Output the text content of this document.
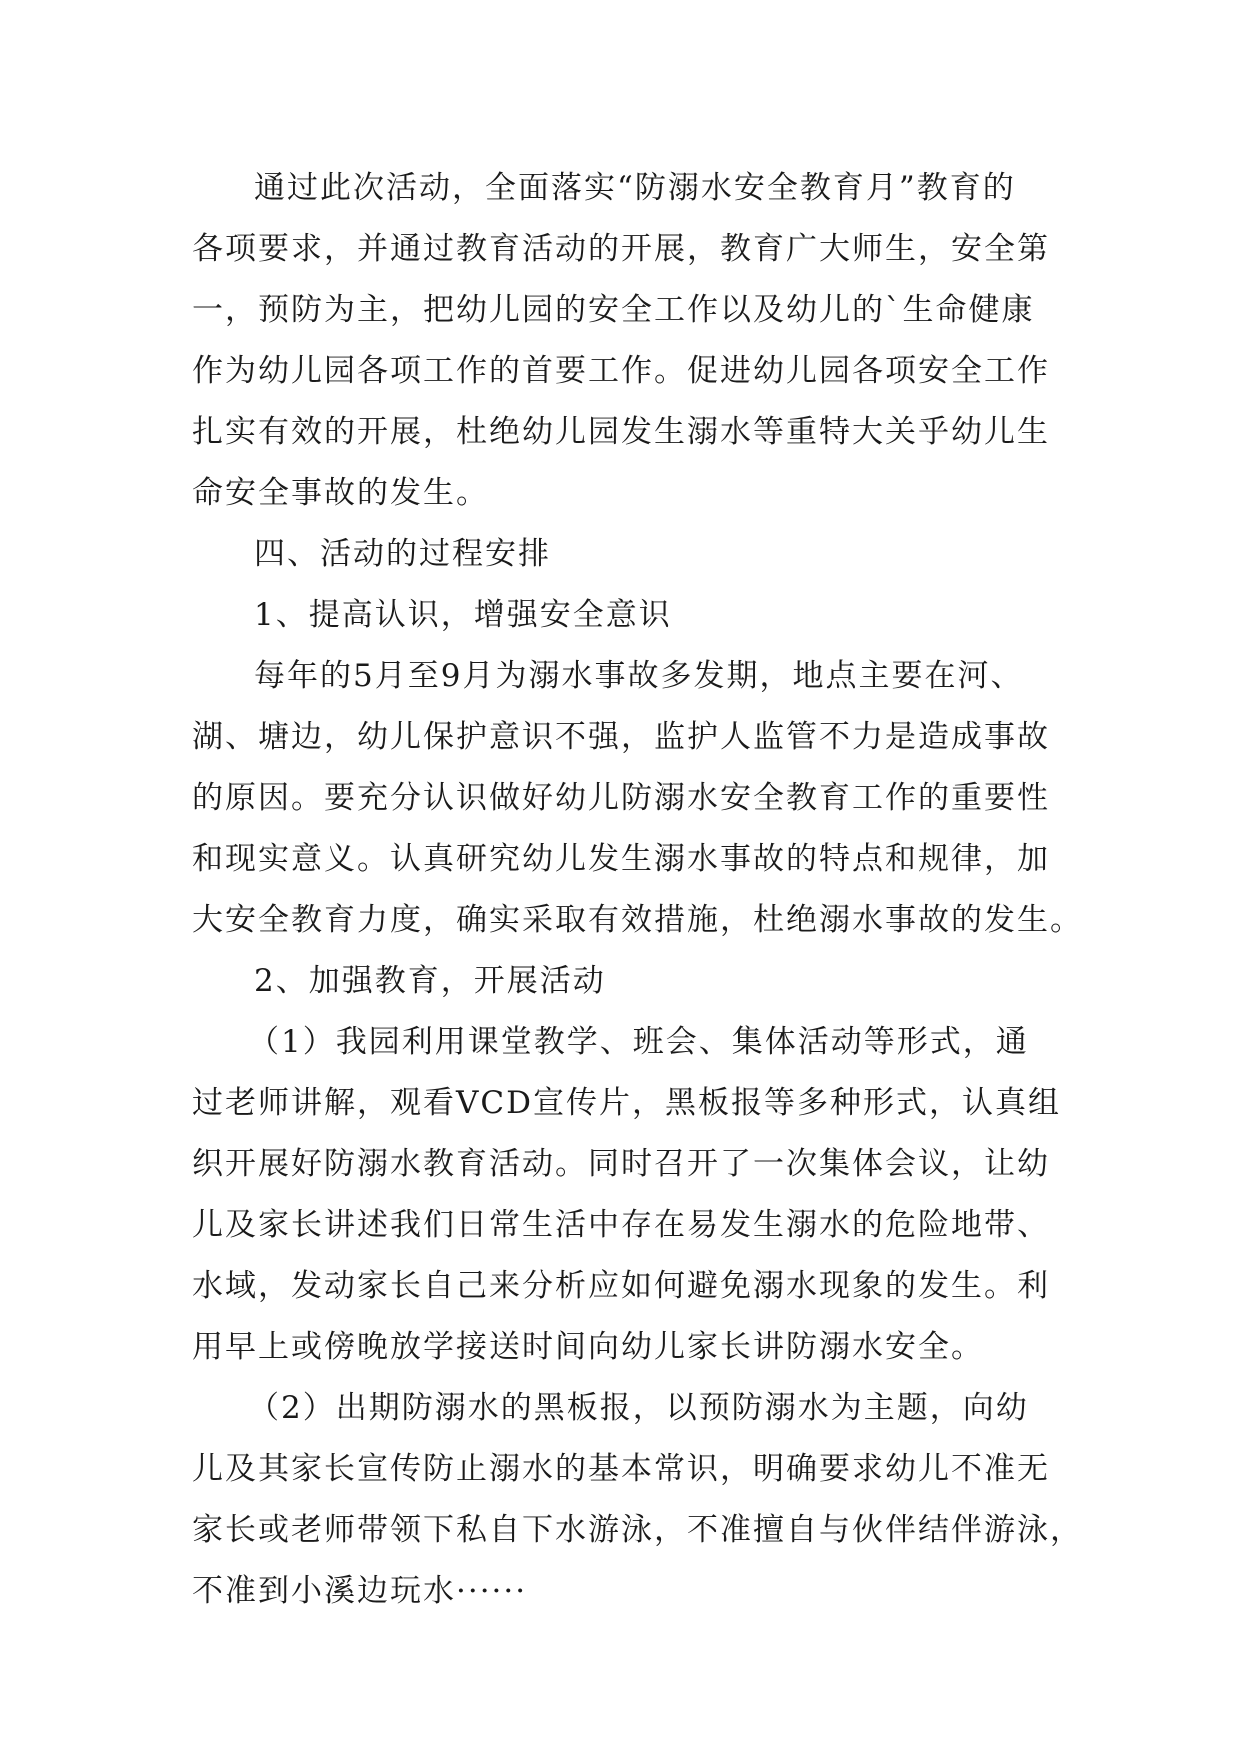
通过此次活动，全面落实“防溺水安全教育月”教育的
各项要求，并通过教育活动的开展，教育广大师生，安全第
一，预防为主，把幼儿园的安全工作以及幼儿的`生命健康
作为幼儿园各项工作的首要工作。促进幼儿园各项安全工作
扎实有效的开展，杜绝幼儿园发生溺水等重特大关乎幼儿生
命安全事故的发生。
四、活动的过程安排
1、提高认识，增强安全意识
每年的5月至9月为溺水事故多发期，地点主要在河、
湖、塘边，幼儿保护意识不强，监护人监管不力是造成事故
的原因。要充分认识做好幼儿防溺水安全教育工作的重要性
和现实意义。认真研究幼儿发生溺水事故的特点和规律，加
大安全教育力度，确实采取有效措施，杜绝溺水事故的发生。
2、加强教育，开展活动
（1）我园利用课堂教学、班会、集体活动等形式，通
过老师讲解，观看VCD宣传片，黑板报等多种形式，认真组
织开展好防溺水教育活动。同时召开了一次集体会议，让幼
儿及家长讲述我们日常生活中存在易发生溺水的危险地带、
水域，发动家长自己来分析应如何避免溺水现象的发生。利
用早上或傍晚放学接送时间向幼儿家长讲防溺水安全。
（2）出期防溺水的黑板报，以预防溺水为主题，向幼
儿及其家长宣传防止溺水的基本常识，明确要求幼儿不准无
家长或老师带领下私自下水游泳，不准擅自与伙伴结伴游泳，
不准到小溪边玩水······
